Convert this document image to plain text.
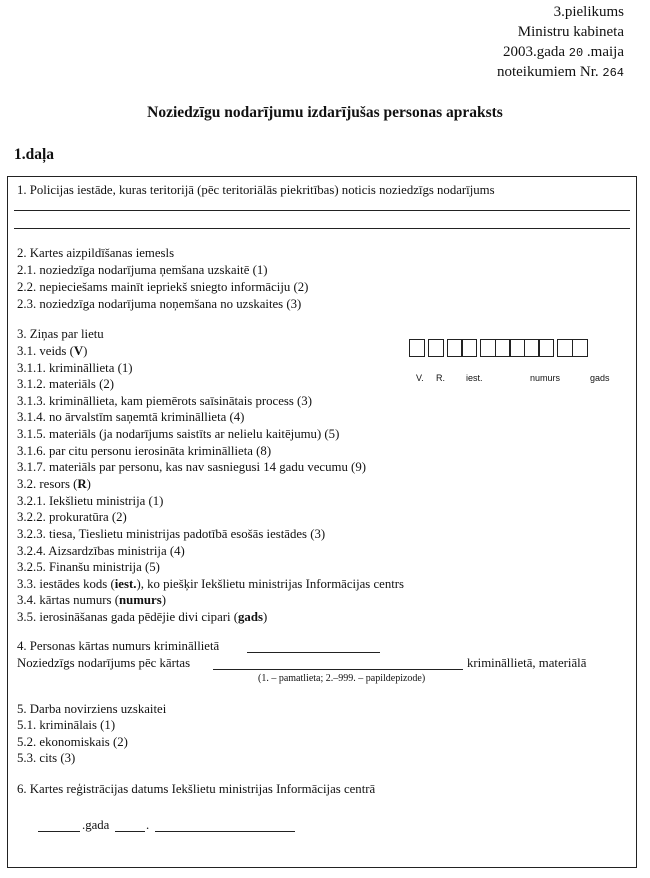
3.pielikums
Ministru kabineta
2003.gada 20 .maija
noteikumiem Nr. 264
Noziedzīgu nodarījumu izdarījušas personas apraksts
1.daļa
1. Policijas iestāde, kuras teritorijā (pēc teritoriālās piekritības) noticis noziedzīgs nodarījums
2. Kartes aizpildīšanas iemesls
2.1. noziedzīga nodarījuma ņemšana uzskaitē (1)
2.2. nepieciešams mainīt iepriekš sniegto informāciju (2)
2.3. noziedzīga nodarījuma noņemšana no uzskaites (3)
3. Ziņas par lietu
3.1. veids (V)
3.1.1. krimināllieta (1)
3.1.2. materiāls (2)
3.1.3. krimināllieta, kam piemērots saīsinātais process (3)
3.1.4. no ārvalstīm saņemtā krimināllieta (4)
3.1.5. materiāls (ja nodarījums saistīts ar nelielu kaitējumu) (5)
3.1.6. par citu personu ierosināta krimināllieta (8)
3.1.7. materiāls par personu, kas nav sasniegusi 14 gadu vecumu (9)
3.2. resors (R)
3.2.1. Iekšlietu ministrija (1)
3.2.2. prokuratūra (2)
3.2.3. tiesa, Tieslietu ministrijas padotībā esošās iestādes (3)
3.2.4. Aizsardzības ministrija (4)
3.2.5. Finanšu ministrija (5)
3.3. iestādes kods (iest.), ko piešķir Iekšlietu ministrijas Informācijas centrs
3.4. kārtas numurs (numurs)
3.5. ierosināšanas gada pēdējie divi cipari (gads)
V. R. iest.	numurs	gads
4. Personas kārtas numurs krimināllietā
Noziedzīgs nodarījums pēc kārtas	krimināllietā, materiālā
(1. – pamatlieta; 2.–999. – papildepizode)
5. Darba novirziens uzskaitei
5.1. kriminālais (1)
5.2. ekonomiskais (2)
5.3. cits (3)
6. Kartes reģistrācijas datums Iekšlietu ministrijas Informācijas centrā
.gada	.
